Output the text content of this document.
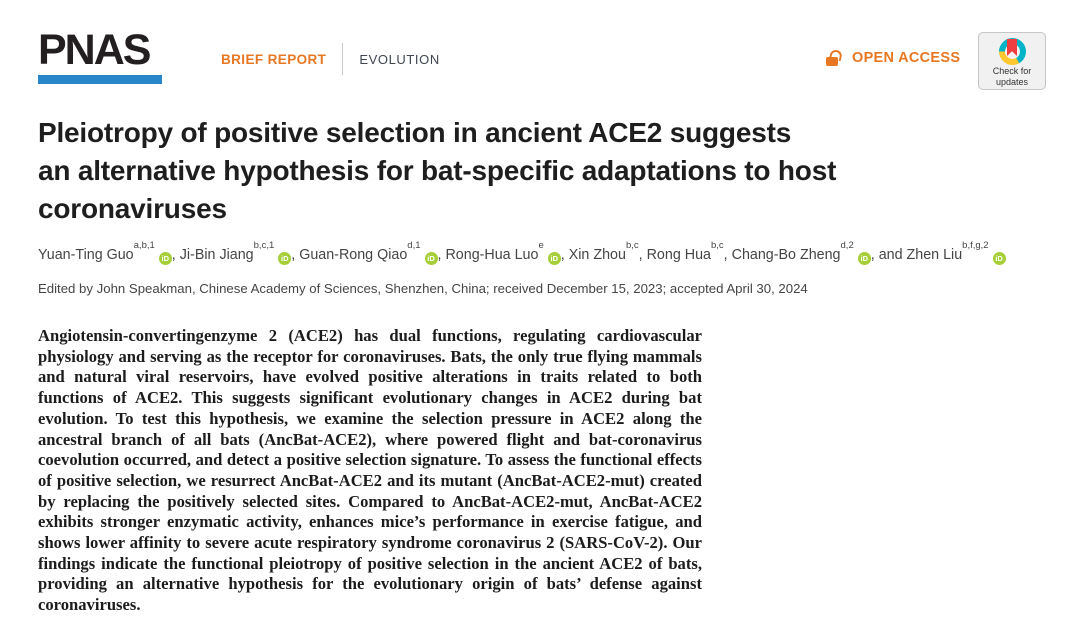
PNAS	BRIEF REPORT	EVOLUTION	OPEN ACCESS
Check for
updates
Pleiotropy of positive selection in ancient ACE2 suggests
an alternative hypothesis for bat-specific adaptations to host
coronaviruses
Yuan-Ting Guo$^{a,b,1}$iD , Ji-Bin Jiang$^{b,c,1}$iD , Guan-Rong Qiao$^{d,1}$iD , Rong-Hua Luo$^e$iD , Xin Zhou$^{b,c}$, Rong Hua$^{b,c}$, Chang-Bo Zheng$^{d,2}$iD , and Zhen Liu$^{b,f,g,2}$iD
Edited by John Speakman, Chinese Academy of Sciences, Shenzhen, China; received December 15, 2023; accepted April 30, 2024

Angiotensin-convertingenzyme 2 (ACE2) has dual functions, regulating cardiovascular physiology and serving as the receptor for coronaviruses. Bats, the only true flying mammals and natural viral reservoirs, have evolved positive alterations in traits related to both functions of ACE2. This suggests significant evolutionary changes in ACE2 during bat evolution. To test this hypothesis, we examine the selection pressure in ACE2 along the ancestral branch of all bats (AncBat-ACE2), where powered flight and bat-coronavirus coevolution occurred, and detect a positive selection signature. To assess the functional effects of positive selection, we resurrect AncBat-ACE2 and its mutant (AncBat-ACE2-mut) created by replacing the positively selected sites. Compared to AncBat-ACE2-mut, AncBat-ACE2 exhibits stronger enzymatic activity, enhances mice’s performance in exercise fatigue, and shows lower affinity to severe acute respiratory syndrome coronavirus 2 (SARS-CoV-2). Our findings indicate the functional pleiotropy of positive selection in the ancient ACE2 of bats, providing an alternative hypothesis for the evolutionary origin of bats’ defense against coronaviruses.
